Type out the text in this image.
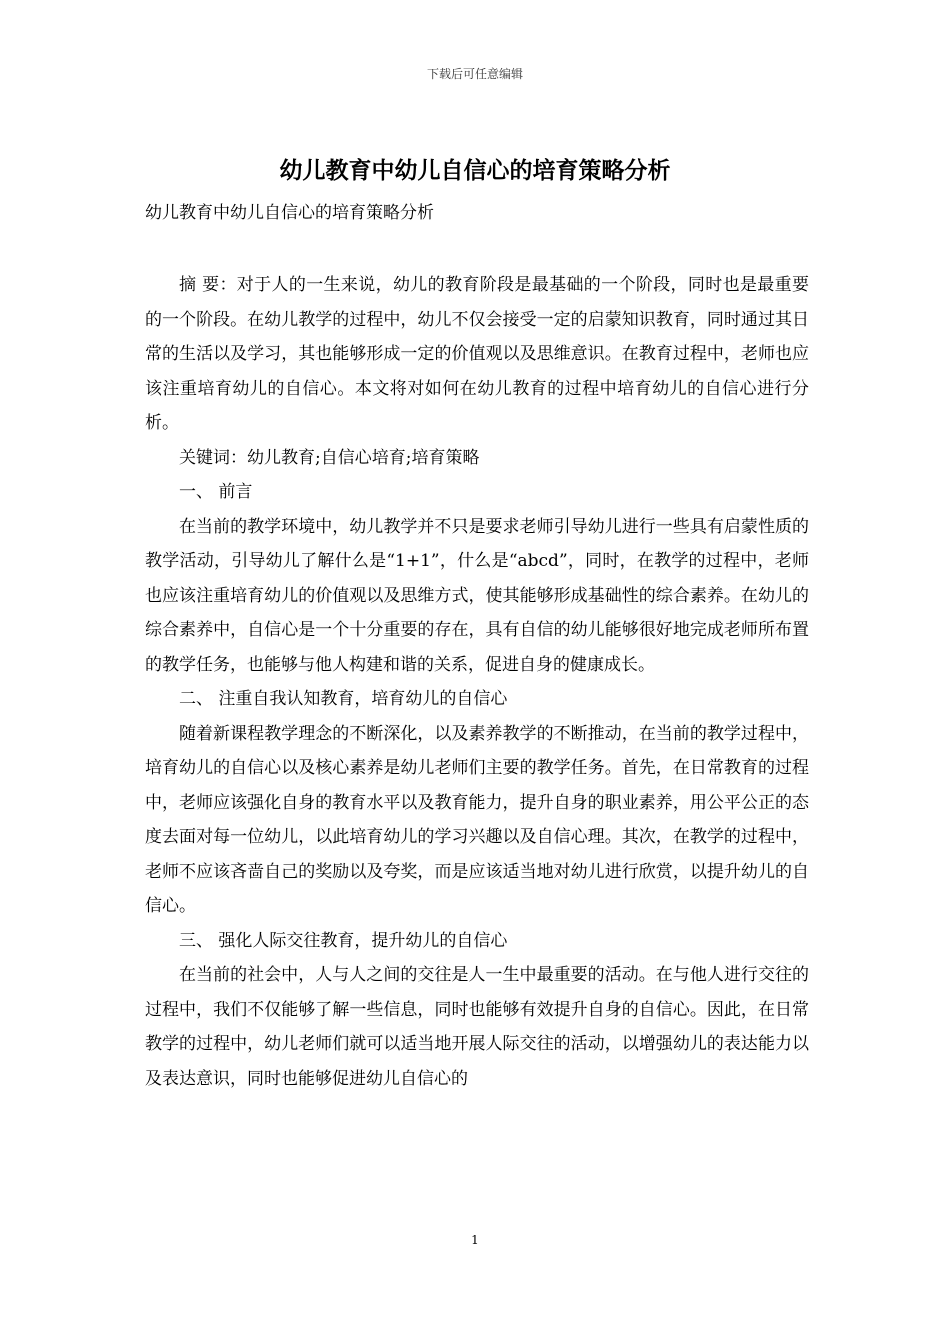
下载后可任意编辑
幼儿教育中幼儿自信心的培育策略分析
幼儿教育中幼儿自信心的培育策略分析

摘 要：对于人的一生来说，幼儿的教育阶段是最基础的一个阶段，同时也是最重要的一个阶段。在幼儿教学的过程中，幼儿不仅会接受一定的启蒙知识教育，同时通过其日常的生活以及学习，其也能够形成一定的价值观以及思维意识。在教育过程中，老师也应该注重培育幼儿的自信心。本文将对如何在幼儿教育的过程中培育幼儿的自信心进行分析。

关键词：幼儿教育;自信心培育;培育策略

一、 前言

在当前的教学环境中，幼儿教学并不只是要求老师引导幼儿进行一些具有启蒙性质的教学活动，引导幼儿了解什么是“1+1”，什么是“abcd”，同时，在教学的过程中，老师也应该注重培育幼儿的价值观以及思维方式，使其能够形成基础性的综合素养。在幼儿的综合素养中，自信心是一个十分重要的存在，具有自信的幼儿能够很好地完成老师所布置的教学任务，也能够与他人构建和谐的关系，促进自身的健康成长。

二、 注重自我认知教育，培育幼儿的自信心

随着新课程教学理念的不断深化，以及素养教学的不断推动，在当前的教学过程中，培育幼儿的自信心以及核心素养是幼儿老师们主要的教学任务。首先，在日常教育的过程中，老师应该强化自身的教育水平以及教育能力，提升自身的职业素养，用公平公正的态度去面对每一位幼儿，以此培育幼儿的学习兴趣以及自信心理。其次，在教学的过程中，老师不应该吝啬自己的奖励以及夸奖，而是应该适当地对幼儿进行欣赏，以提升幼儿的自信心。

三、 强化人际交往教育，提升幼儿的自信心

在当前的社会中，人与人之间的交往是人一生中最重要的活动。在与他人进行交往的过程中，我们不仅能够了解一些信息，同时也能够有效提升自身的自信心。因此，在日常教学的过程中，幼儿老师们就可以适当地开展人际交往的活动，以增强幼儿的表达能力以及表达意识，同时也能够促进幼儿自信心的

1
